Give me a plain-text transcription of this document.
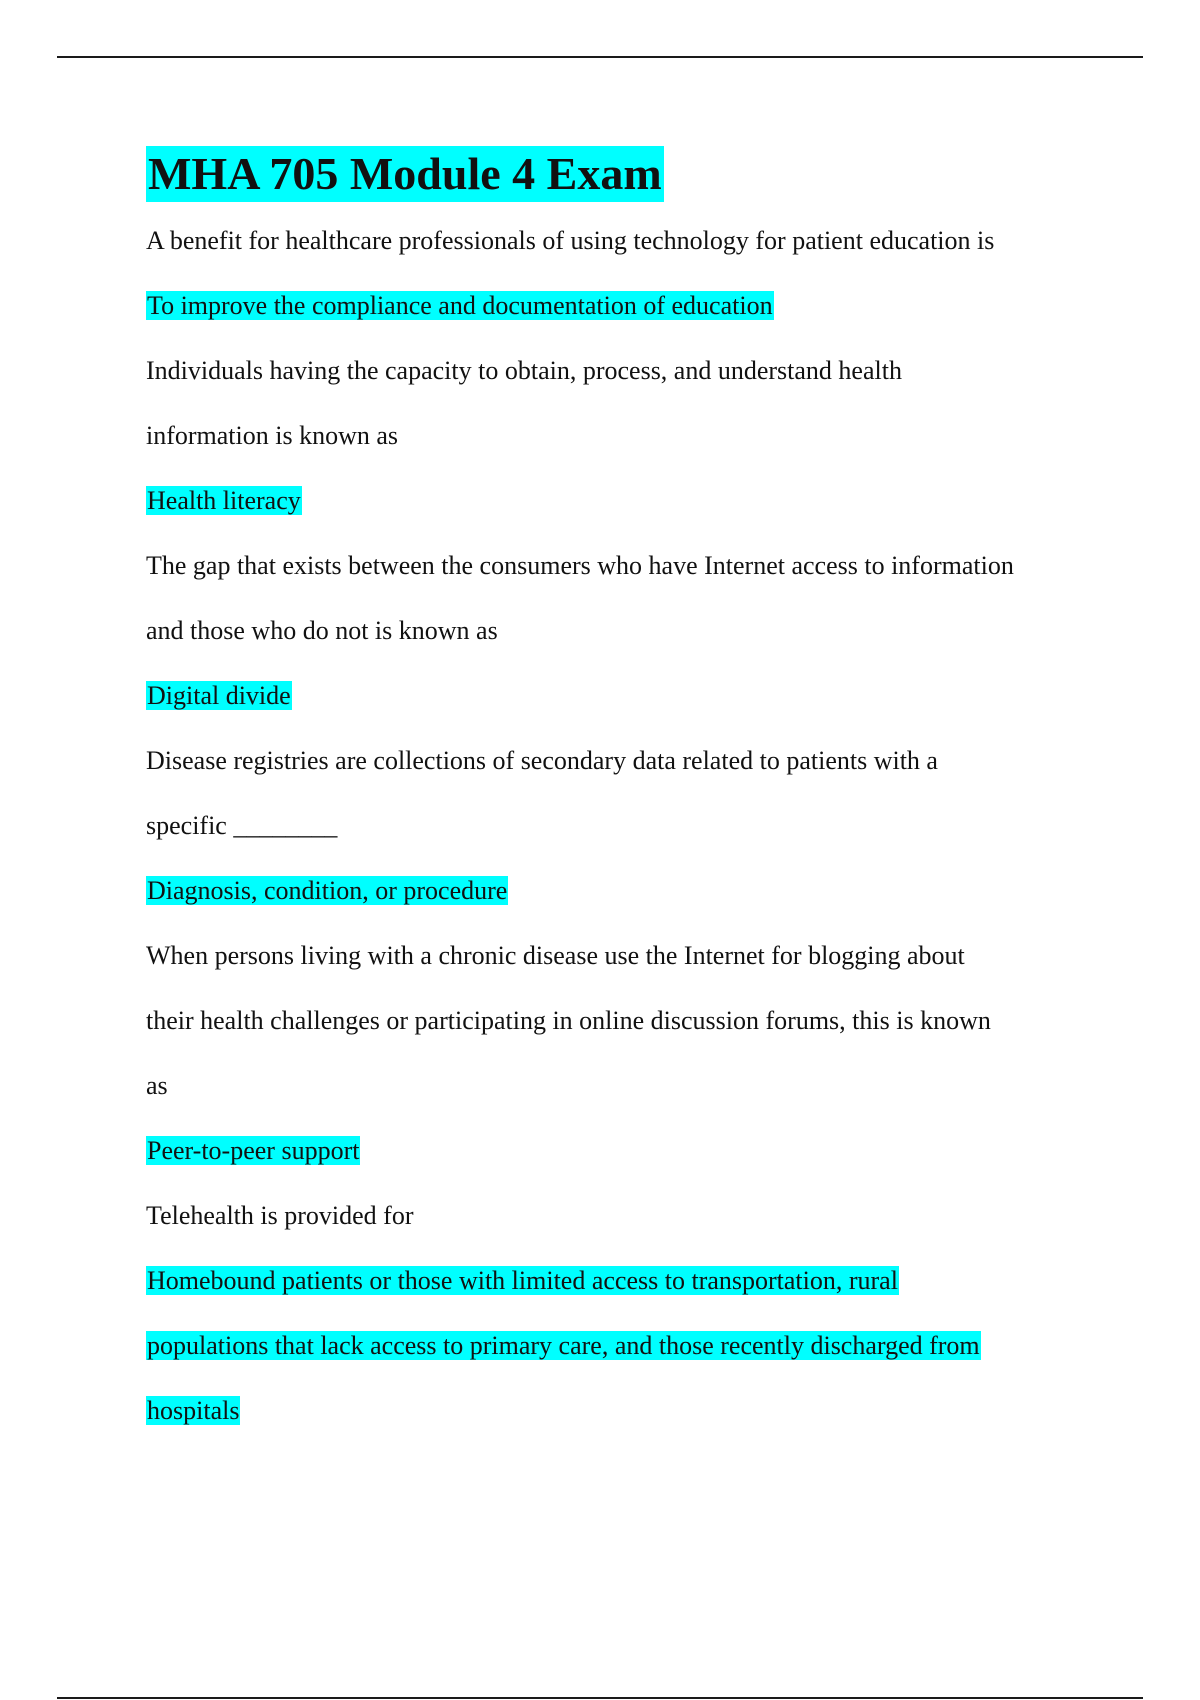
MHA 705 Module 4 Exam
A benefit for healthcare professionals of using technology for patient education is
To improve the compliance and documentation of education
Individuals having the capacity to obtain, process, and understand health
information is known as
Health literacy
The gap that exists between the consumers who have Internet access to information
and those who do not is known as
Digital divide
Disease registries are collections of secondary data related to patients with a
specific ________
Diagnosis, condition, or procedure
When persons living with a chronic disease use the Internet for blogging about
their health challenges or participating in online discussion forums, this is known
as
Peer-to-peer support
Telehealth is provided for
Homebound patients or those with limited access to transportation, rural
populations that lack access to primary care, and those recently discharged from
hospitals
